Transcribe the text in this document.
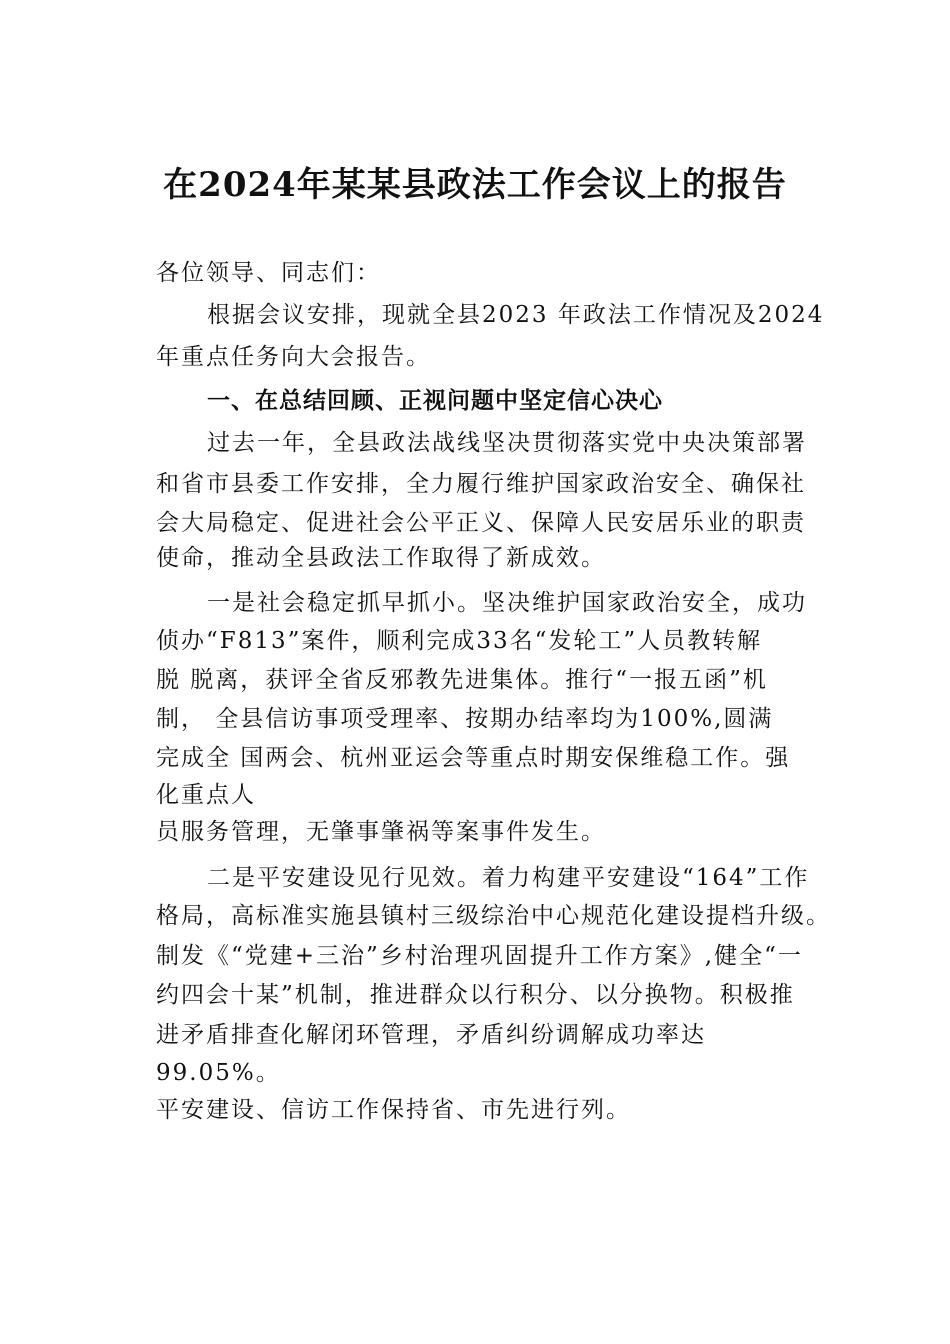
在2024年某某县政法工作会议上的报告
各位领导、同志们：
根据会议安排，现就全县2023 年政法工作情况及2024
年重点任务向大会报告。
一、在总结回顾、正视问题中坚定信心决心
过去一年，全县政法战线坚决贯彻落实党中央决策部署
和省市县委工作安排，全力履行维护国家政治安全、确保社
会大局稳定、促进社会公平正义、保障人民安居乐业的职责
使命，推动全县政法工作取得了新成效。
一是社会稳定抓早抓小。坚决维护国家政治安全，成功
侦办“F813”案件，顺利完成33名“发轮工”人员教转解
脱 脱离，获评全省反邪教先进集体。推行“一报五函”机
制， 全县信访事项受理率、按期办结率均为100%,圆满
完成全 国两会、杭州亚运会等重点时期安保维稳工作。强
化重点人
员服务管理，无肇事肇祸等案事件发生。
二是平安建设见行见效。着力构建平安建设“164”工作
格局，高标准实施县镇村三级综治中心规范化建设提档升级。
制发《“党建+三治”乡村治理巩固提升工作方案》,健全“一
约四会十某”机制，推进群众以行积分、以分换物。积极推
进矛盾排查化解闭环管理，矛盾纠纷调解成功率达
99.05%。
平安建设、信访工作保持省、市先进行列。
